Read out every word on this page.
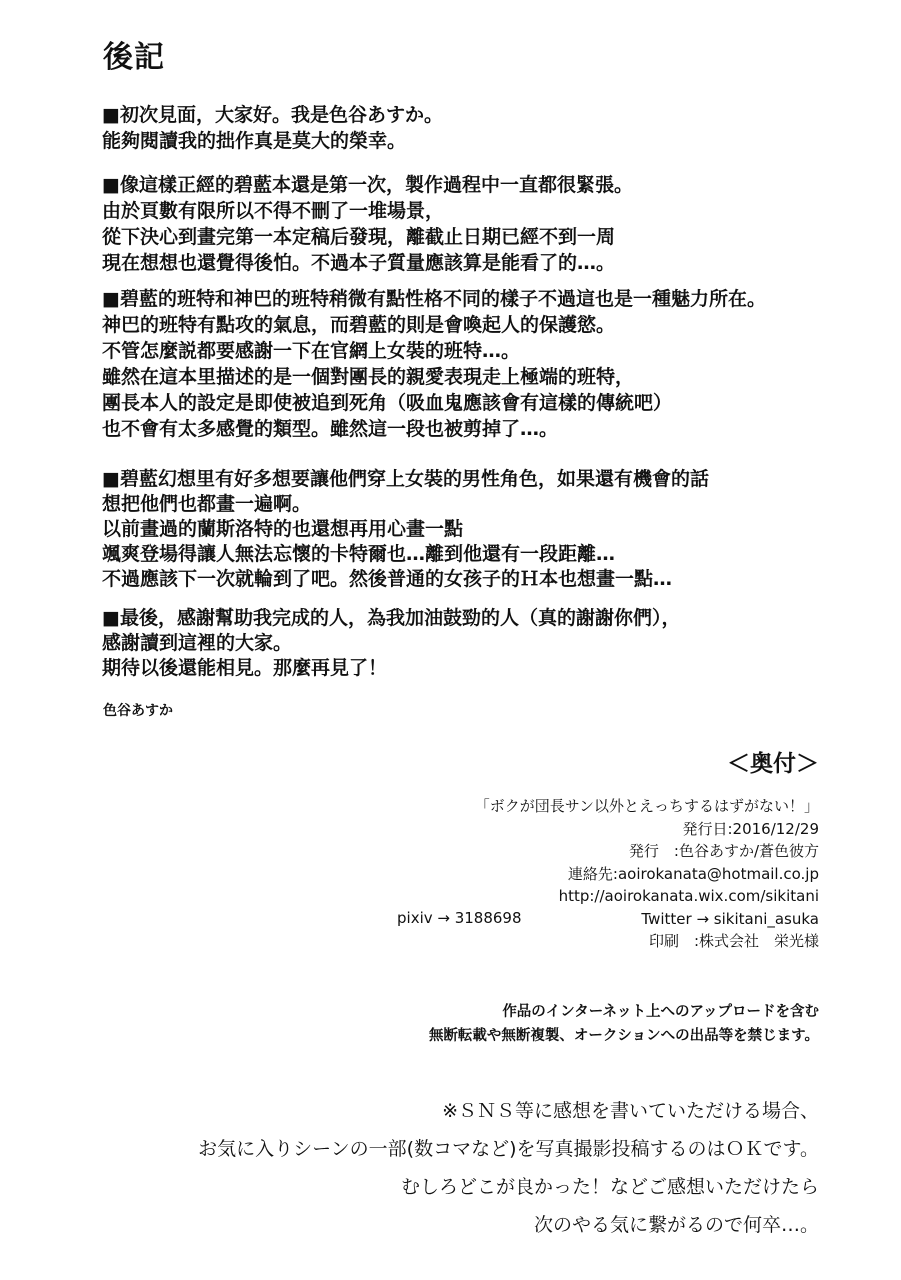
後記
■初次見面，大家好。我是色谷あすか。
能夠閱讀我的拙作真是莫大的榮幸。
■像這樣正經的碧藍本還是第一次，製作過程中一直都很緊張。
由於頁數有限所以不得不刪了一堆場景，
從下決心到畫完第一本定稿后發現，離截止日期已經不到一周
現在想想也還覺得後怕。不過本子質量應該算是能看了的…。
■碧藍的班特和神巴的班特稍微有點性格不同的樣子不過這也是一種魅力所在。
神巴的班特有點攻的氣息，而碧藍的則是會喚起人的保護慾。
不管怎麼説都要感謝一下在官網上女裝的班特…。
雖然在這本里描述的是一個對團長的親愛表現走上極端的班特，
團長本人的設定是即使被追到死角（吸血鬼應該會有這樣的傳統吧）
也不會有太多感覺的類型。雖然這一段也被剪掉了…。
■碧藍幻想里有好多想要讓他們穿上女裝的男性角色，如果還有機會的話
想把他們也都畫一遍啊。
以前畫過的蘭斯洛特的也還想再用心畫一點
颯爽登場得讓人無法忘懷的卡特爾也…離到他還有一段距離…
不過應該下一次就輪到了吧。然後普通的女孩子的Ｈ本也想畫一點…
■最後，感謝幫助我完成的人，為我加油鼓勁的人（真的謝謝你們），
感謝讀到這裡的大家。
期待以後還能相見。那麼再見了！
色谷あすか
＜奥付＞
「ボクが団長サン以外とえっちするはずがない！」
発行日:2016/12/29
発行　:色谷あすか/蒼色彼方
連絡先:aoirokanata@hotmail.co.jp
http://aoirokanata.wix.com/sikitani
Twitter → sikitani_asuka
印刷　:株式会社　栄光様
pixiv → 3188698
作品のインターネット上へのアップロードを含む
無断転載や無断複製、オークションへの出品等を禁じます。
※ＳＮＳ等に感想を書いていただける場合、
お気に入りシーンの一部(数コマなど)を写真撮影投稿するのはＯＫです。
むしろどこが良かった！などご感想いただけたら
次のやる気に繋がるので何卒…。
